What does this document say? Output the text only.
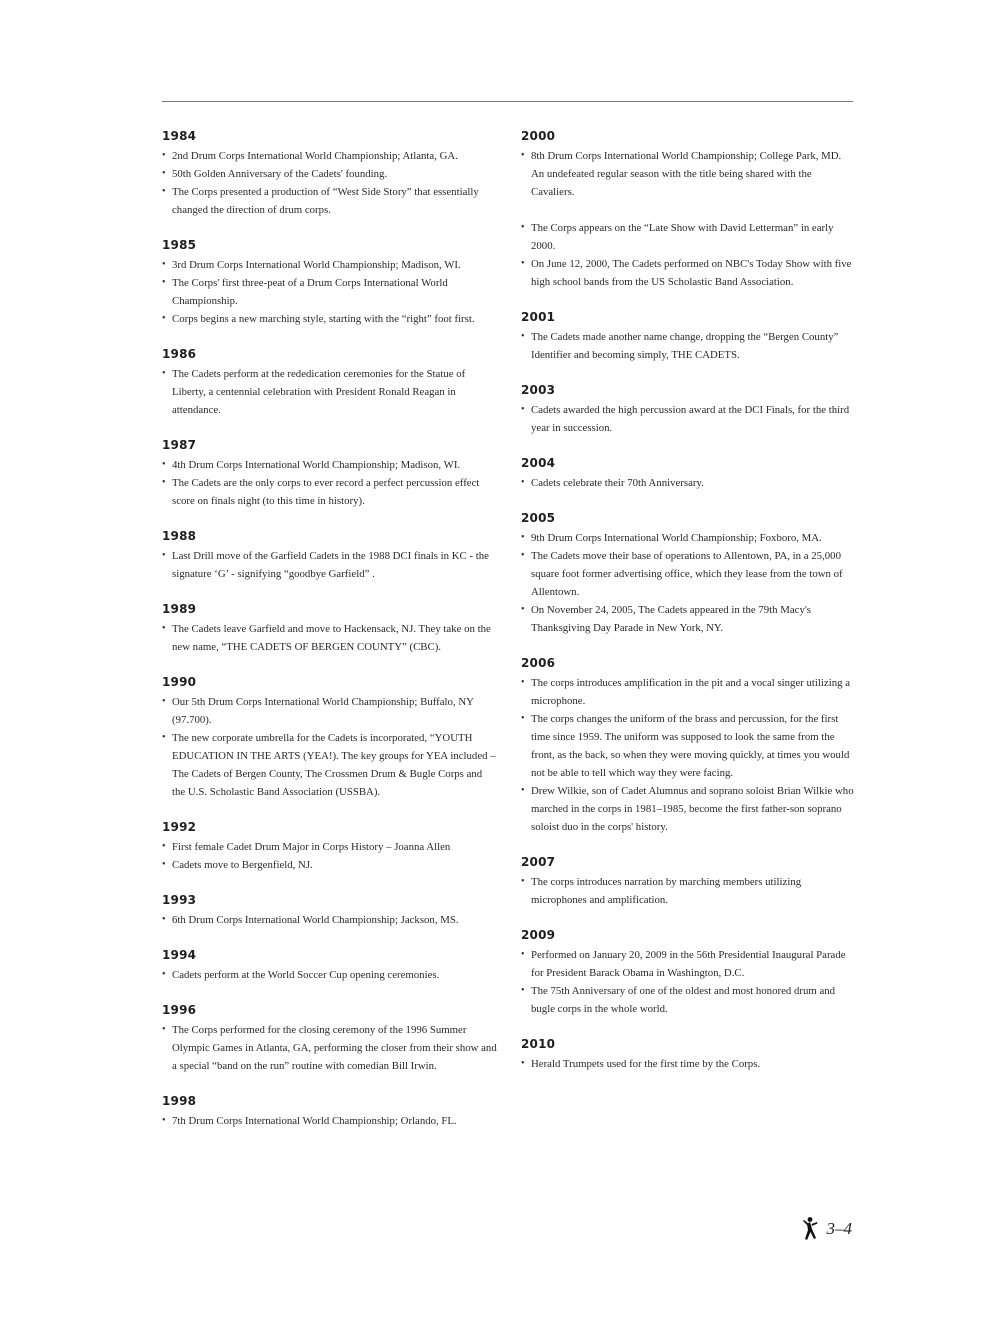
1984
• 2nd Drum Corps International World Championship; Atlanta, GA.
• 50th Golden Anniversary of the Cadets' founding.
• The Corps presented a production of “West Side Story” that essentially changed the direction of drum corps.
1985
• 3rd Drum Corps International World Championship; Madison, WI.
• The Corps' first three-peat of a Drum Corps International World Championship.
• Corps begins a new marching style, starting with the “right” foot first.
1986
• The Cadets perform at the rededication ceremonies for the Statue of Liberty, a centennial celebration with President Ronald Reagan in attendance.
1987
• 4th Drum Corps International World Championship; Madison, WI.
• The Cadets are the only corps to ever record a perfect percussion effect score on finals night (to this time in history).
1988
• Last Drill move of the Garfield Cadets in the 1988 DCI finals in KC - the signature ‘G’ - signifying “goodbye Garfield” .
1989
• The Cadets leave Garfield and move to Hackensack, NJ. They take on the new name, “THE CADETS OF BERGEN COUNTY” (CBC).
1990
• Our 5th Drum Corps International World Championship; Buffalo, NY (97.700).
• The new corporate umbrella for the Cadets is incorporated, “YOUTH EDUCATION IN THE ARTS (YEA!). The key groups for YEA included – The Cadets of Bergen County, The Crossmen Drum & Bugle Corps and the U.S. Scholastic Band Association (USSBA).
1992
• First female Cadet Drum Major in Corps History – Joanna Allen
• Cadets move to Bergenfield, NJ.
1993
• 6th Drum Corps International World Championship; Jackson, MS.
1994
• Cadets perform at the World Soccer Cup opening ceremonies.
1996
• The Corps performed for the closing ceremony of the 1996 Summer Olympic Games in Atlanta, GA, performing the closer from their show and a special “band on the run” routine with comedian Bill Irwin.
1998
• 7th Drum Corps International World Championship; Orlando, FL.
2000
• 8th Drum Corps International World Championship; College Park, MD. An undefeated regular season with the title being shared with the Cavaliers.
• The Corps appears on the “Late Show with David Letterman” in early 2000.
• On June 12, 2000, The Cadets performed on NBC's Today Show with five high school bands from the US Scholastic Band Association.
2001
• The Cadets made another name change, dropping the “Bergen County” Identifier and becoming simply, THE CADETS.
2003
• Cadets awarded the high percussion award at the DCI Finals, for the third year in succession.
2004
• Cadets celebrate their 70th Anniversary.
2005
• 9th Drum Corps International World Championship; Foxboro, MA.
• The Cadets move their base of operations to Allentown, PA, in a 25,000 square foot former advertising office, which they lease from the town of Allentown.
• On November 24, 2005, The Cadets appeared in the 79th Macy's Thanksgiving Day Parade in New York, NY.
2006
• The corps introduces amplification in the pit and a vocal singer utilizing a microphone.
• The corps changes the uniform of the brass and percussion, for the first time since 1959. The uniform was supposed to look the same from the front, as the back, so when they were moving quickly, at times you would not be able to tell which way they were facing.
• Drew Wilkie, son of Cadet Alumnus and soprano soloist Brian Wilkie who marched in the corps in 1981–1985, become the first father-son soprano soloist duo in the corps' history.
2007
• The corps introduces narration by marching members utilizing microphones and amplification.
2009
• Performed on January 20, 2009 in the 56th Presidential Inaugural Parade for President Barack Obama in Washington, D.C.
• The 75th Anniversary of one of the oldest and most honored drum and bugle corps in the whole world.
2010
• Herald Trumpets used for the first time by the Corps.
3–4
